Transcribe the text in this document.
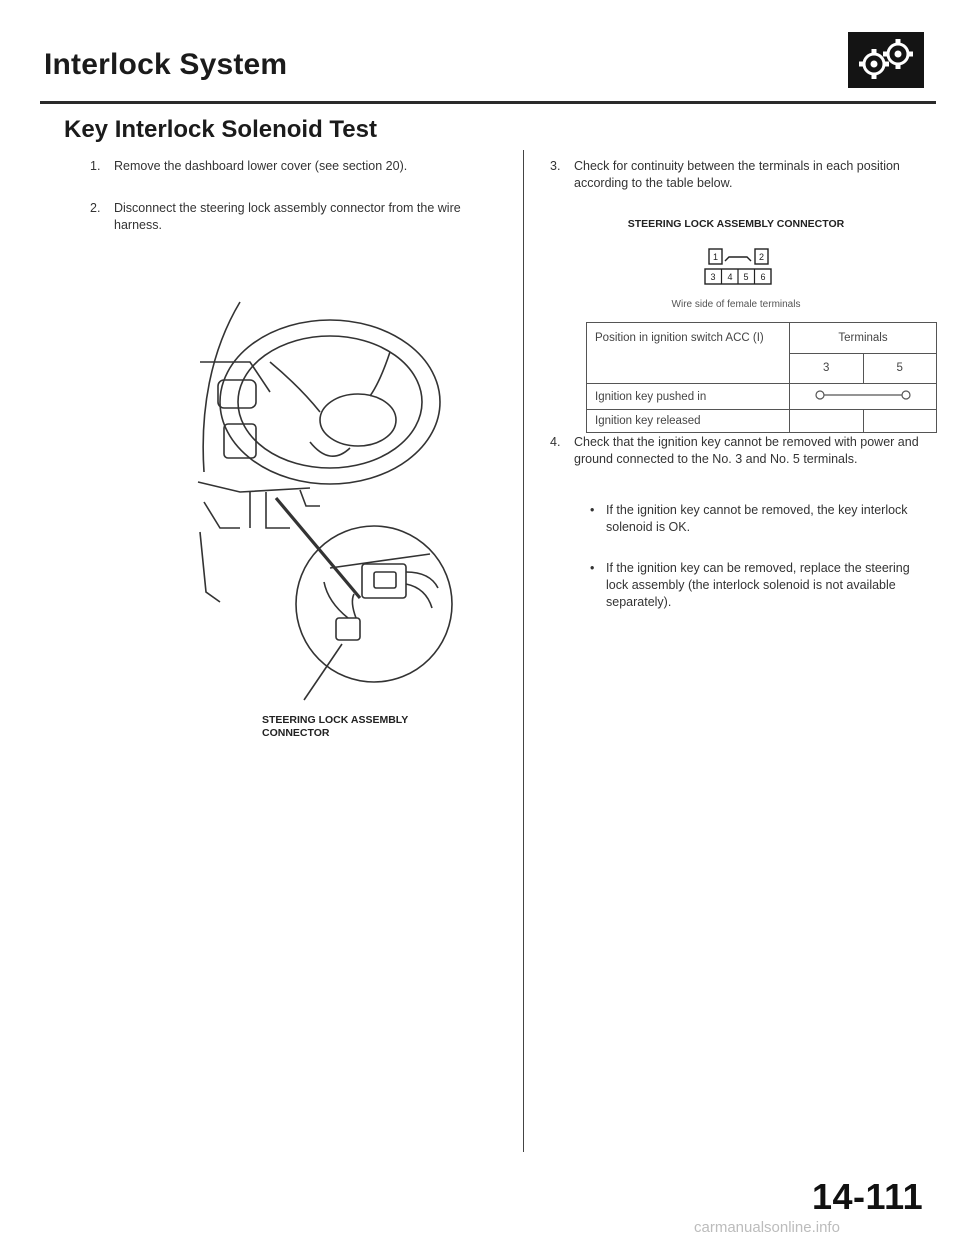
Interlock System
Key Interlock Solenoid Test
1.	Remove the dashboard lower cover (see section 20).
2.	Disconnect the steering lock assembly connector from the wire harness.
STEERING LOCK ASSEMBLY CONNECTOR
3.	Check for continuity between the terminals in each position according to the table below.
STEERING LOCK ASSEMBLY CONNECTOR
1	2
3 4 5 6
Wire side of female terminals
Position in ignition switch ACC (I)	Terminals	
	3	5
Ignition key pushed in	
Ignition key released		
4.	Check that the ignition key cannot be removed with power and ground connected to the No. 3 and No. 5 terminals.
• If the ignition key cannot be removed, the key interlock solenoid is OK.
• If the ignition key can be removed, replace the steering lock assembly (the interlock solenoid is not available separately).
14-111
carmanualsonline.info
